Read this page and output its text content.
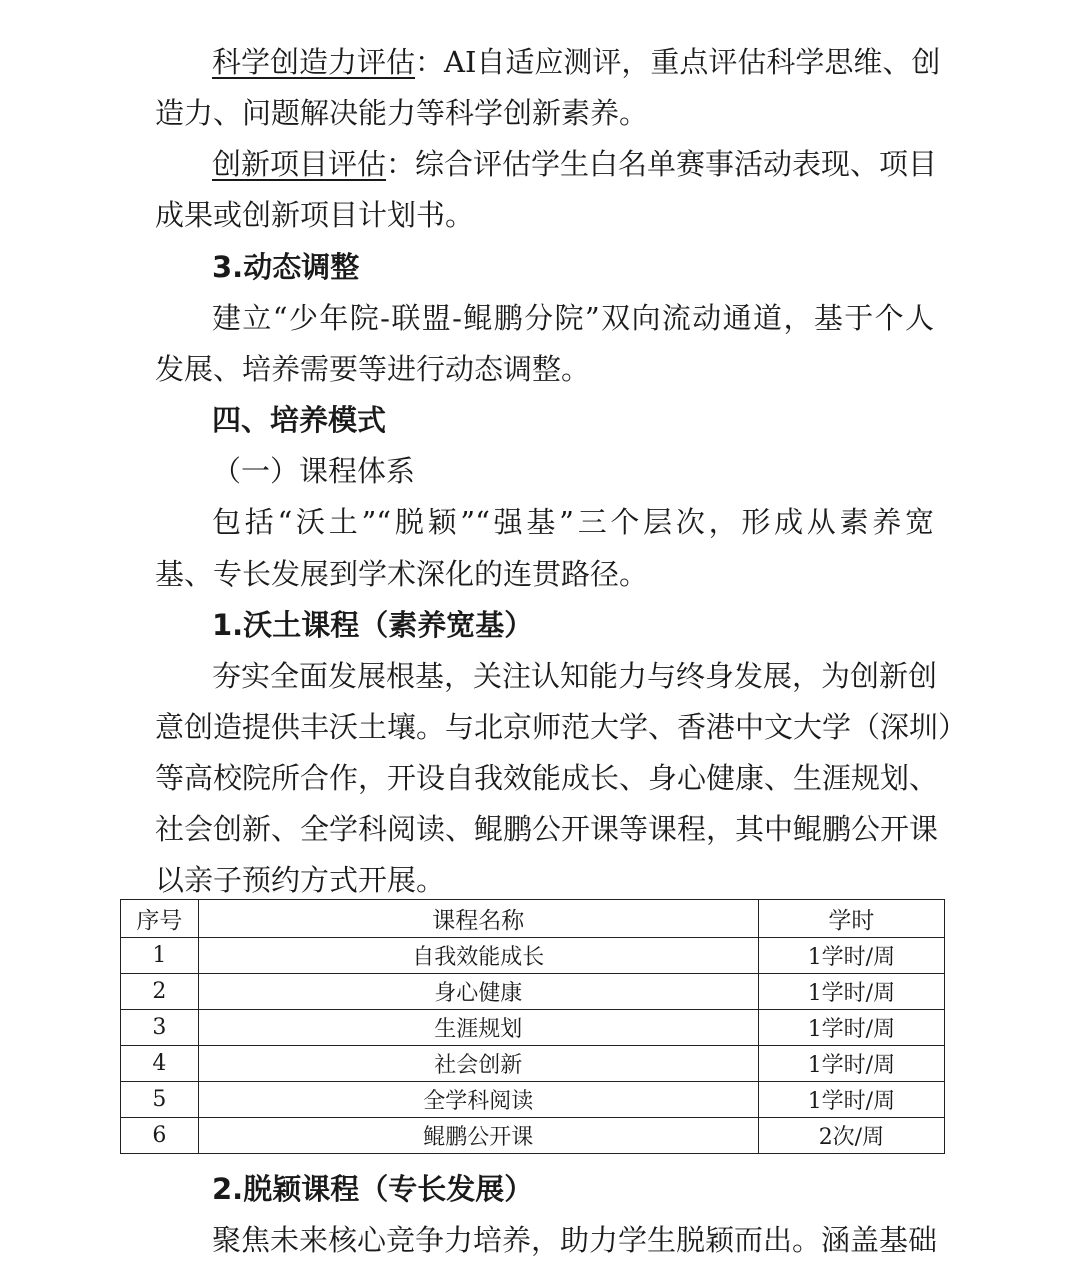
科学创造力评估：AI自适应测评，重点评估科学思维、创
造力、问题解决能力等科学创新素养。
创新项目评估：综合评估学生白名单赛事活动表现、项目
成果或创新项目计划书。
3.动态调整
建立“少年院-联盟-鲲鹏分院”双向流动通道，基于个人
发展、培养需要等进行动态调整。
四、培养模式
（一）课程体系
包括“沃土”“脱颖”“强基”三个层次，形成从素养宽
基、专长发展到学术深化的连贯路径。
1.沃土课程（素养宽基）
夯实全面发展根基，关注认知能力与终身发展，为创新创
意创造提供丰沃土壤。与北京师范大学、香港中文大学（深圳）
等高校院所合作，开设自我效能成长、身心健康、生涯规划、
社会创新、全学科阅读、鲲鹏公开课等课程，其中鲲鹏公开课
以亲子预约方式开展。
序号	课程名称	学时
1	自我效能成长	1学时/周
2	身心健康	1学时/周
3	生涯规划	1学时/周
4	社会创新	1学时/周
5	全学科阅读	1学时/周
6	鲲鹏公开课	2次/周
2.脱颖课程（专长发展）
聚焦未来核心竞争力培养，助力学生脱颖而出。涵盖基础
